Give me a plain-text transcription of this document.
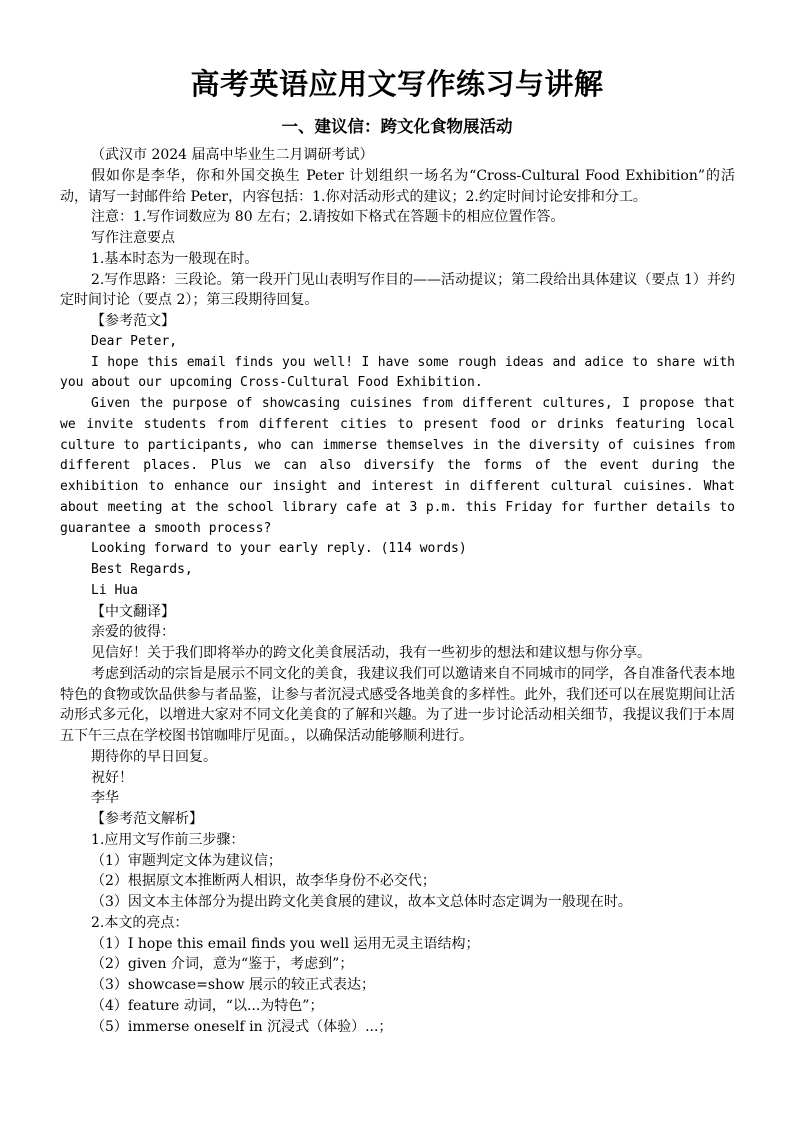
高考英语应用文写作练习与讲解
一、建议信：跨文化食物展活动

（武汉市 2024 届高中毕业生二月调研考试）

假如你是李华，你和外国交换生 Peter 计划组织一场名为“Cross-Cultural Food Exhibition”的活动，请写一封邮件给 Peter，内容包括：1.你对活动形式的建议；2.约定时间讨论安排和分工。

注意：1.写作词数应为 80 左右；2.请按如下格式在答题卡的相应位置作答。

写作注意要点

1.基本时态为一般现在时。

2.写作思路：三段论。第一段开门见山表明写作目的——活动提议；第二段给出具体建议（要点 1）并约定时间讨论（要点 2）；第三段期待回复。

【参考范文】

Dear Peter,

I hope this email finds you well! I have some rough ideas and adice to share with you about our upcoming Cross-Cultural Food Exhibition.

Given the purpose of showcasing cuisines from different cultures, I propose that we invite students from different cities to present food or drinks featuring local culture to participants, who can immerse themselves in the diversity of cuisines from different places. Plus we can also diversify the forms of the event during the exhibition to enhance our insight and interest in different cultural cuisines. What about meeting at the school library cafe at 3 p.m. this Friday for further details to guarantee a smooth process?

Looking forward to your early reply. (114 words)

Best Regards,

Li Hua

【中文翻译】

亲爱的彼得：

见信好！关于我们即将举办的跨文化美食展活动，我有一些初步的想法和建议想与你分享。

考虑到活动的宗旨是展示不同文化的美食，我建议我们可以邀请来自不同城市的同学，各自准备代表本地特色的食物或饮品供参与者品鉴，让参与者沉浸式感受各地美食的多样性。此外，我们还可以在展览期间让活动形式多元化，以增进大家对不同文化美食的了解和兴趣。为了进一步讨论活动相关细节，我提议我们于本周五下午三点在学校图书馆咖啡厅见面。，以确保活动能够顺利进行。

期待你的早日回复。

祝好！

李华

【参考范文解析】

1.应用文写作前三步骤：

（1）审题判定文体为建议信；

（2）根据原文本推断两人相识，故李华身份不必交代；

（3）因文本主体部分为提出跨文化美食展的建议，故本文总体时态定调为一般现在时。

2.本文的亮点：

（1）I hope this email finds you well 运用无灵主语结构；

（2）given 介词，意为“鉴于，考虑到”；

（3）showcase=show 展示的较正式表达；

（4）feature 动词，“以...为特色”；

（5）immerse oneself in 沉浸式（体验）...；
